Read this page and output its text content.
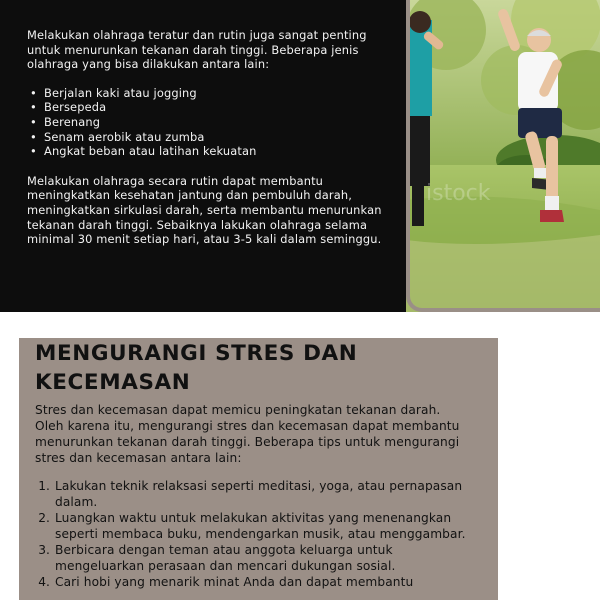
Melakukan olahraga teratur dan rutin juga sangat penting untuk menurunkan tekanan darah tinggi. Beberapa jenis olahraga yang bisa dilakukan antara lain:

• Berjalan kaki atau jogging
• Bersepeda
• Berenang
• Senam aerobik atau zumba
• Angkat beban atau latihan kekuatan

Melakukan olahraga secara rutin dapat membantu meningkatkan kesehatan jantung dan pembuluh darah, meningkatkan sirkulasi darah, serta membantu menurunkan tekanan darah tinggi. Sebaiknya lakukan olahraga selama minimal 30 menit setiap hari, atau 3-5 kali dalam seminggu.

istock
MENGURANGI STRES DAN KECEMASAN

Stres dan kecemasan dapat memicu peningkatan tekanan darah. Oleh karena itu, mengurangi stres dan kecemasan dapat membantu menurunkan tekanan darah tinggi. Beberapa tips untuk mengurangi stres dan kecemasan antara lain:

1. Lakukan teknik relaksasi seperti meditasi, yoga, atau pernapasan dalam.
2. Luangkan waktu untuk melakukan aktivitas yang menenangkan seperti membaca buku, mendengarkan musik, atau menggambar.
3. Berbicara dengan teman atau anggota keluarga untuk mengeluarkan perasaan dan mencari dukungan sosial.
4. Cari hobi yang menarik minat Anda dan dapat membantu
